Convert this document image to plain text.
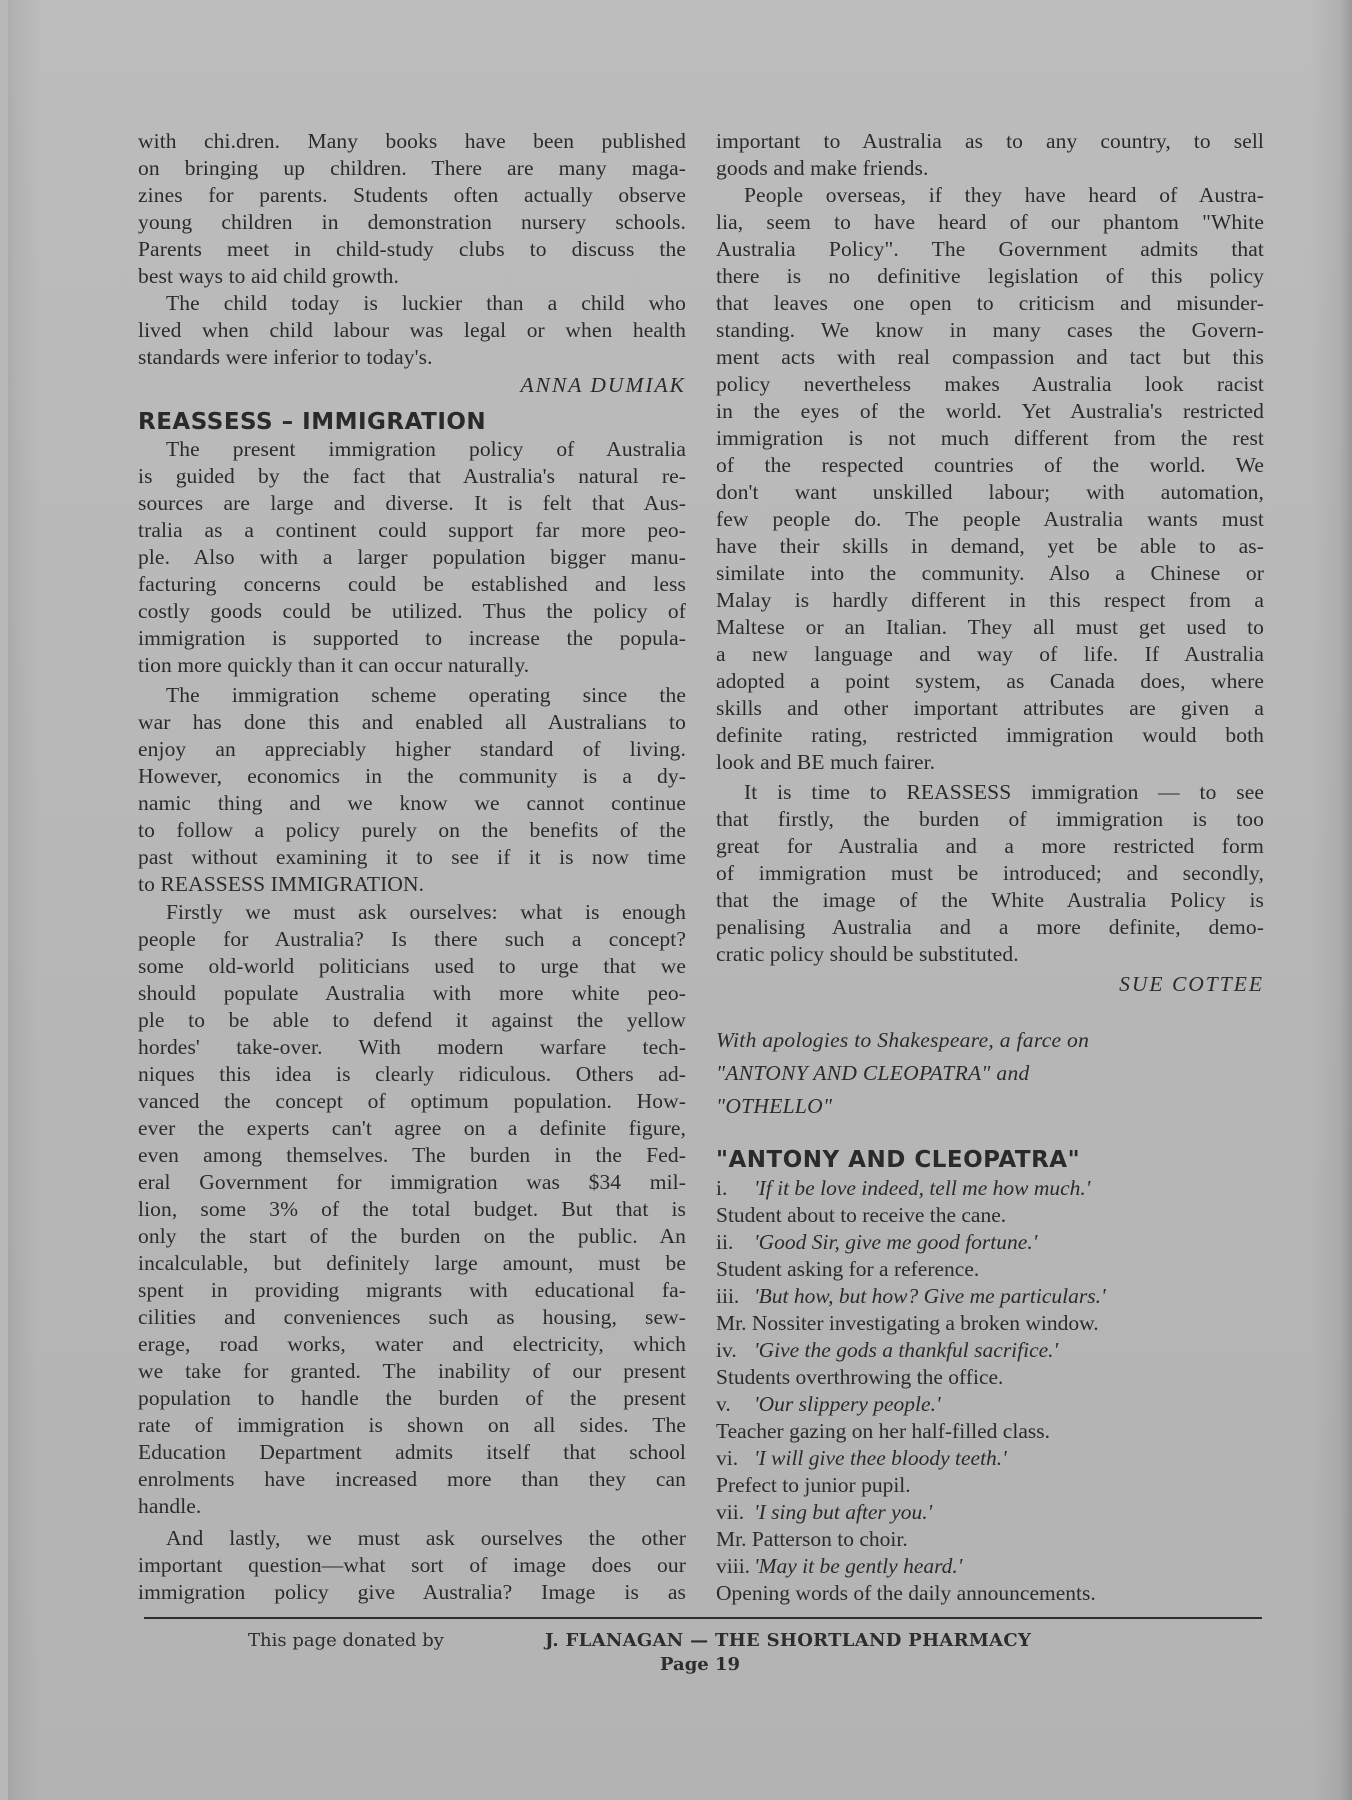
with chi.dren. Many books have been published
on bringing up children. There are many maga-
zines for parents. Students often actually observe
young children in demonstration nursery schools.
Parents meet in child-study clubs to discuss the
best ways to aid child growth.
The child today is luckier than a child who
lived when child labour was legal or when health
standards were inferior to today's.
ANNA DUMIAK
REASSESS – IMMIGRATION
The present immigration policy of Australia
is guided by the fact that Australia's natural re-
sources are large and diverse. It is felt that Aus-
tralia as a continent could support far more peo-
ple. Also with a larger population bigger manu-
facturing concerns could be established and less
costly goods could be utilized. Thus the policy of
immigration is supported to increase the popula-
tion more quickly than it can occur naturally.
The immigration scheme operating since the
war has done this and enabled all Australians to
enjoy an appreciably higher standard of living.
However, economics in the community is a dy-
namic thing and we know we cannot continue
to follow a policy purely on the benefits of the
past without examining it to see if it is now time
to REASSESS IMMIGRATION.
Firstly we must ask ourselves: what is enough
people for Australia? Is there such a concept?
some old-world politicians used to urge that we
should populate Australia with more white peo-
ple to be able to defend it against the yellow
hordes' take-over. With modern warfare tech-
niques this idea is clearly ridiculous. Others ad-
vanced the concept of optimum population. How-
ever the experts can't agree on a definite figure,
even among themselves. The burden in the Fed-
eral Government for immigration was $34 mil-
lion, some 3% of the total budget. But that is
only the start of the burden on the public. An
incalculable, but definitely large amount, must be
spent in providing migrants with educational fa-
cilities and conveniences such as housing, sew-
erage, road works, water and electricity, which
we take for granted. The inability of our present
population to handle the burden of the present
rate of immigration is shown on all sides. The
Education Department admits itself that school
enrolments have increased more than they can
handle.
And lastly, we must ask ourselves the other
important question—what sort of image does our
immigration policy give Australia? Image is as
important to Australia as to any country, to sell
goods and make friends.
People overseas, if they have heard of Austra-
lia, seem to have heard of our phantom "White
Australia Policy". The Government admits that
there is no definitive legislation of this policy
that leaves one open to criticism and misunder-
standing. We know in many cases the Govern-
ment acts with real compassion and tact but this
policy nevertheless makes Australia look racist
in the eyes of the world. Yet Australia's restricted
immigration is not much different from the rest
of the respected countries of the world. We
don't want unskilled labour; with automation,
few people do. The people Australia wants must
have their skills in demand, yet be able to as-
similate into the community. Also a Chinese or
Malay is hardly different in this respect from a
Maltese or an Italian. They all must get used to
a new language and way of life. If Australia
adopted a point system, as Canada does, where
skills and other important attributes are given a
definite rating, restricted immigration would both
look and BE much fairer.
It is time to REASSESS immigration — to see
that firstly, the burden of immigration is too
great for Australia and a more restricted form
of immigration must be introduced; and secondly,
that the image of the White Australia Policy is
penalising Australia and a more definite, demo-
cratic policy should be substituted.
SUE COTTEE
With apologies to Shakespeare, a farce on
"ANTONY AND CLEOPATRA" and
"OTHELLO"
"ANTONY AND CLEOPATRA"
i. 'If it be love indeed, tell me how much.'
Student about to receive the cane.
ii. 'Good Sir, give me good fortune.'
Student asking for a reference.
iii. 'But how, but how? Give me particulars.'
Mr. Nossiter investigating a broken window.
iv. 'Give the gods a thankful sacrifice.'
Students overthrowing the office.
v. 'Our slippery people.'
Teacher gazing on her half-filled class.
vi. 'I will give thee bloody teeth.'
Prefect to junior pupil.
vii. 'I sing but after you.'
Mr. Patterson to choir.
viii. 'May it be gently heard.'
Opening words of the daily announcements.
This page donated by	J. FLANAGAN — THE SHORTLAND PHARMACY
Page 19
